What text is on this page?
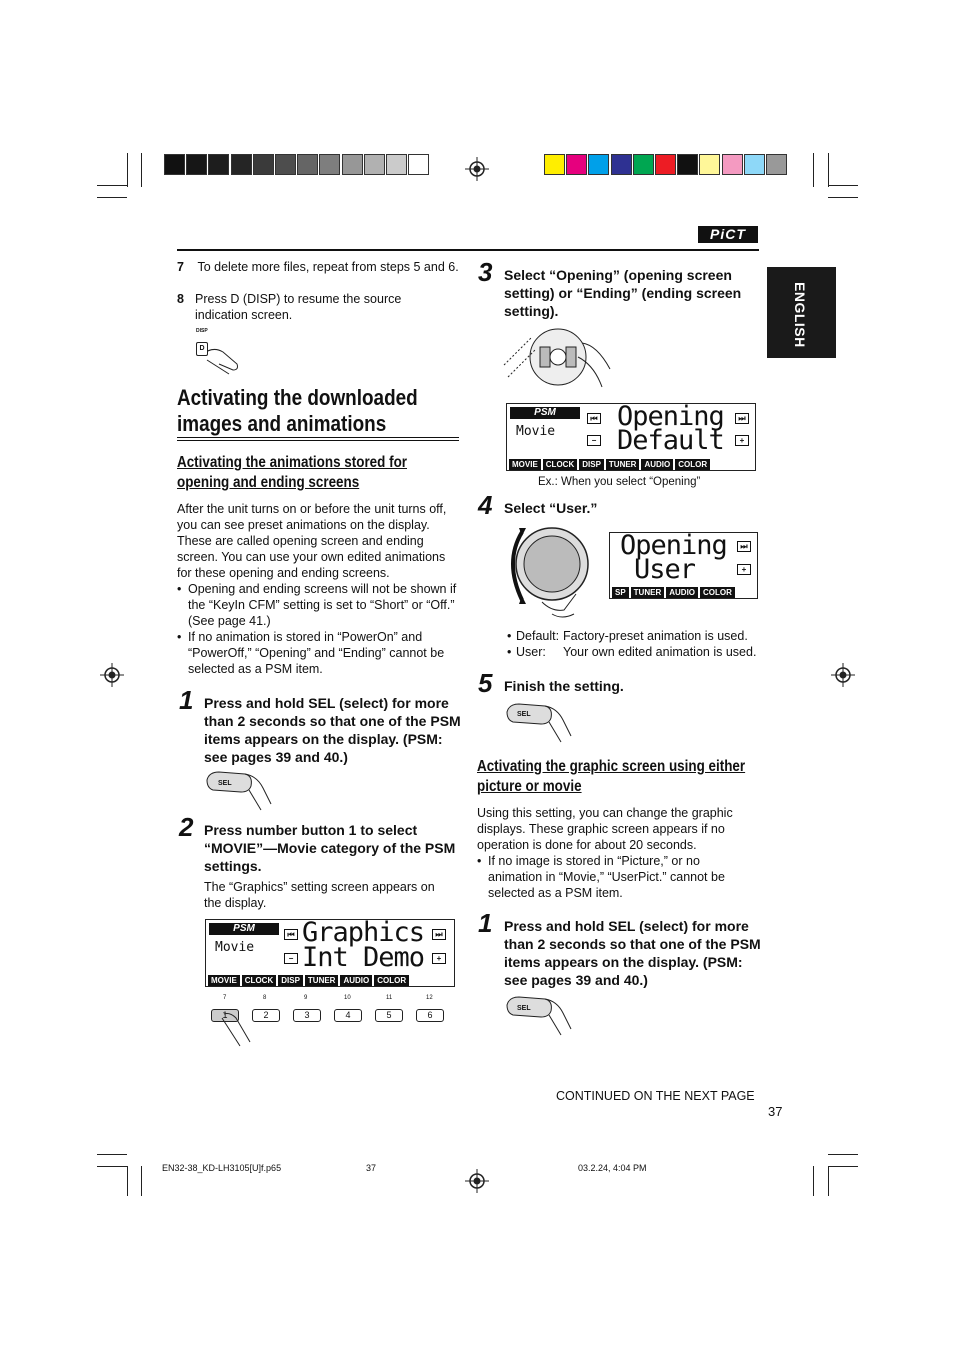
PiCT
ENGLISH
7 To delete more files, repeat from steps 5 and 6.
8 Press D (DISP) to resume the source indication screen.
DISP
D
Activating the downloaded images and animations
Activating the animations stored for opening and ending screens
After the unit turns on or before the unit turns off, you can see preset animations on the display. These are called opening screen and ending screen. You can use your own edited animations for these opening and ending screens.
• Opening and ending screens will not be shown if the “KeyIn CFM” setting is set to “Short” or “Off.” (See page 41.)
• If no animation is stored in “PowerOn” and “PowerOff,” “Opening” and “Ending” cannot be selected as a PSM item.
1 Press and hold SEL (select) for more than 2 seconds so that one of the PSM items appears on the display. (PSM: see pages 39 and 40.)
SEL
2 Press number button 1 to select “MOVIE”—Movie category of the PSM settings.
The “Graphics” setting screen appears on the display.
PSM
Movie
⏮
−
Graphics
Int Demo
⏭
+
MOVIE	CLOCK	DISP	TUNER	AUDIO	COLOR
7	8	9	10	11	12
1	2	3	4	5	6
3 Select “Opening” (opening screen setting) or “Ending” (ending screen setting).
PSM
Movie
⏮
−
Opening
Default
⏭
+
MOVIE	CLOCK	DISP	TUNER	AUDIO	COLOR
Ex.: When you select “Opening”
4 Select “User.”
Opening
User
⏭
+
SP	TUNER	AUDIO	COLOR
• Default: Factory-preset animation is used.
• User: Your own edited animation is used.
5 Finish the setting.
SEL
Activating the graphic screen using either picture or movie
Using this setting, you can change the graphic displays. These graphic screen appears if no operation is done for about 20 seconds.
• If no image is stored in “Picture,” or no animation in “Movie,” “UserPict.” cannot be selected as a PSM item.
1 Press and hold SEL (select) for more than 2 seconds so that one of the PSM items appears on the display. (PSM: see pages 39 and 40.)
SEL
CONTINUED ON THE NEXT PAGE
37
EN32-38_KD-LH3105[U]f.p65	37	03.2.24, 4:04 PM
